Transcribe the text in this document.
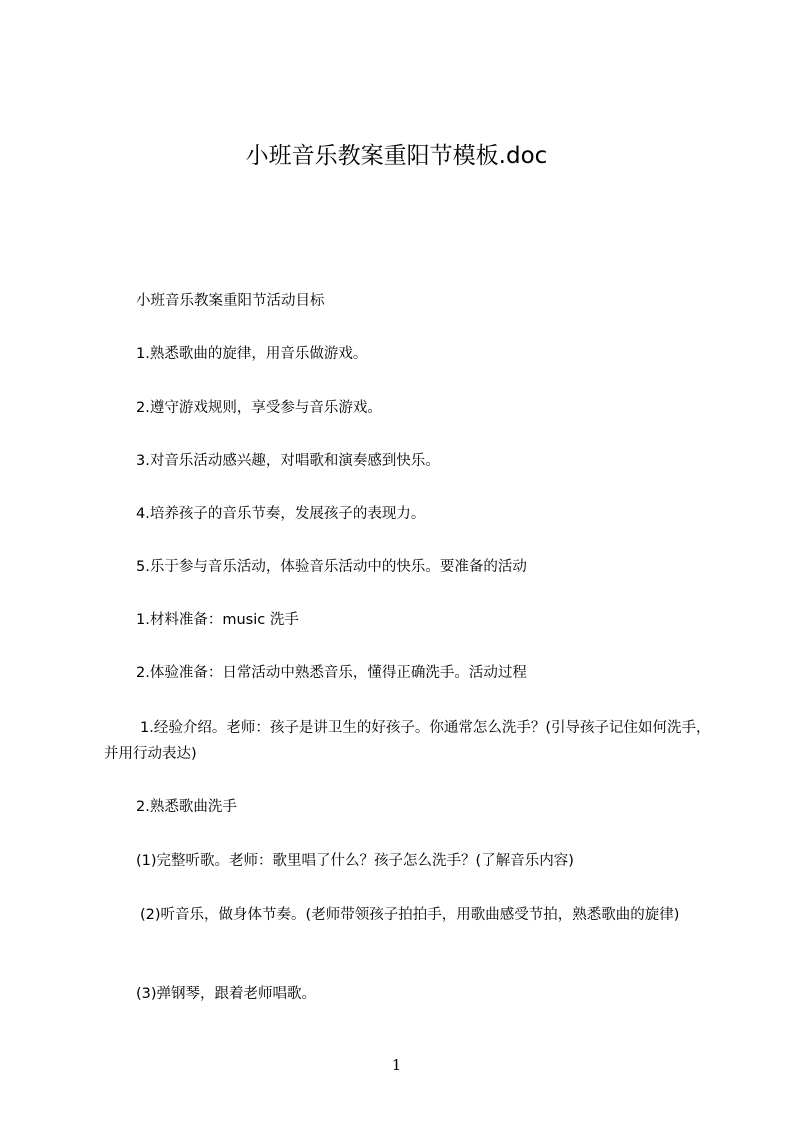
小班音乐教案重阳节模板.doc
小班音乐教案重阳节活动目标
1.熟悉歌曲的旋律，用音乐做游戏。
2.遵守游戏规则，享受参与音乐游戏。
3.对音乐活动感兴趣，对唱歌和演奏感到快乐。
4.培养孩子的音乐节奏，发展孩子的表现力。
5.乐于参与音乐活动，体验音乐活动中的快乐。要准备的活动
1.材料准备：music 洗手
2.体验准备：日常活动中熟悉音乐，懂得正确洗手。活动过程
1.经验介绍。老师：孩子是讲卫生的好孩子。你通常怎么洗手？(引导孩子记住如何洗手，并用行动表达)
2.熟悉歌曲洗手
(1)完整听歌。老师：歌里唱了什么？孩子怎么洗手？(了解音乐内容)
(2)听音乐，做身体节奏。(老师带领孩子拍拍手，用歌曲感受节拍，熟悉歌曲的旋律)
(3)弹钢琴，跟着老师唱歌。
1
